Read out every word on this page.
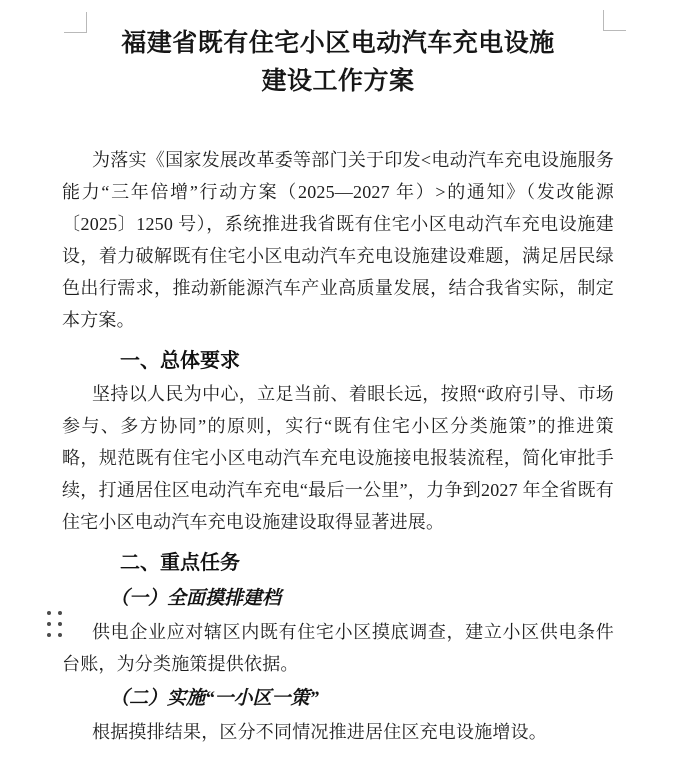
福建省既有住宅小区电动汽车充电设施
建设工作方案

为落实《国家发展改革委等部门关于印发<电动汽车充电设施服务能力“三年倍增”行动方案（2025—2027 年）>的通知》（发改能源〔2025〕1250 号），系统推进我省既有住宅小区电动汽车充电设施建设，着力破解既有住宅小区电动汽车充电设施建设难题，满足居民绿色出行需求，推动新能源汽车产业高质量发展，结合我省实际，制定本方案。

一、总体要求

坚持以人民为中心，立足当前、着眼长远，按照“政府引导、市场参与、多方协同”的原则，实行“既有住宅小区分类施策”的推进策略，规范既有住宅小区电动汽车充电设施接电报装流程，简化审批手续，打通居住区电动汽车充电“最后一公里”，力争到2027 年全省既有住宅小区电动汽车充电设施建设取得显著进展。

二、重点任务
（一）全面摸排建档

供电企业应对辖区内既有住宅小区摸底调查，建立小区供电条件台账，为分类施策提供依据。

（二）实施“一小区一策”

根据摸排结果，区分不同情况推进居住区充电设施增设。
